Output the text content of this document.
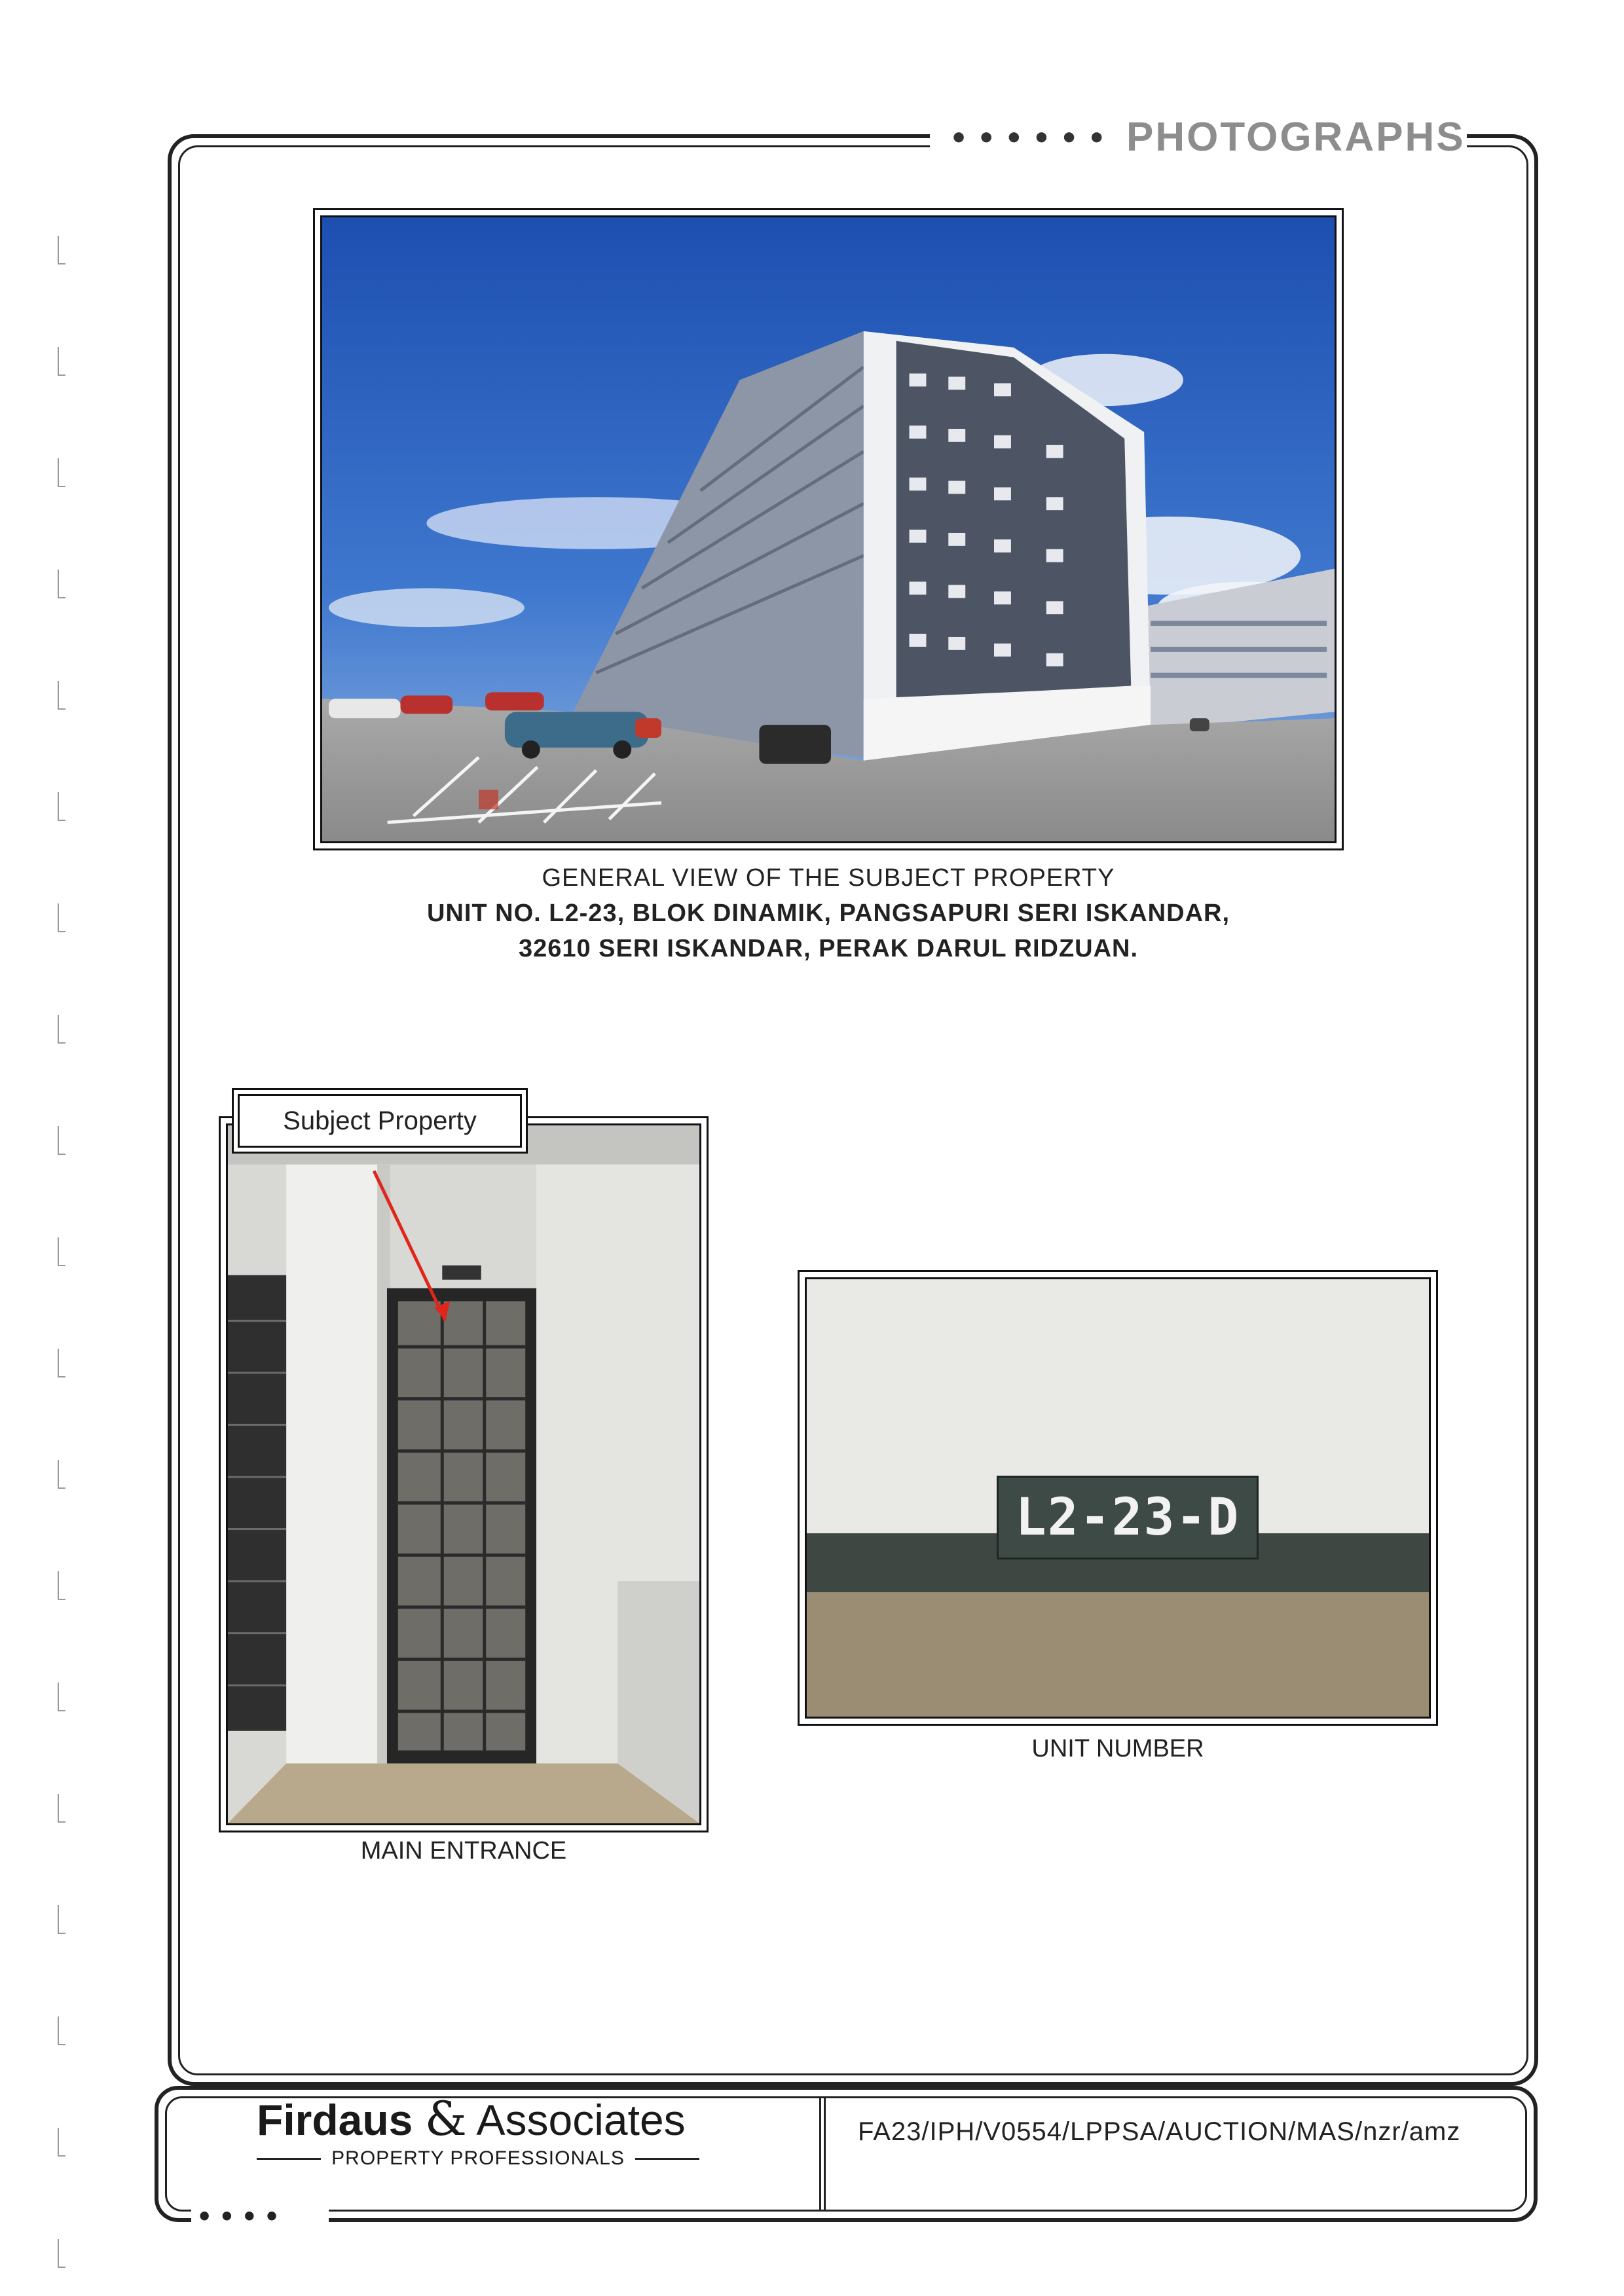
•••••• PHOTOGRAPHS
GENERAL VIEW OF THE SUBJECT PROPERTY
UNIT NO. L2-23, BLOK DINAMIK, PANGSAPURI SERI ISKANDAR,
32610 SERI ISKANDAR, PERAK DARUL RIDZUAN.
Subject Property
MAIN ENTRANCE
L2-23-D
UNIT NUMBER
••••
Firdaus & Associates
PROPERTY PROFESSIONALS
FA23/IPH/V0554/LPPSA/AUCTION/MAS/nzr/amz
